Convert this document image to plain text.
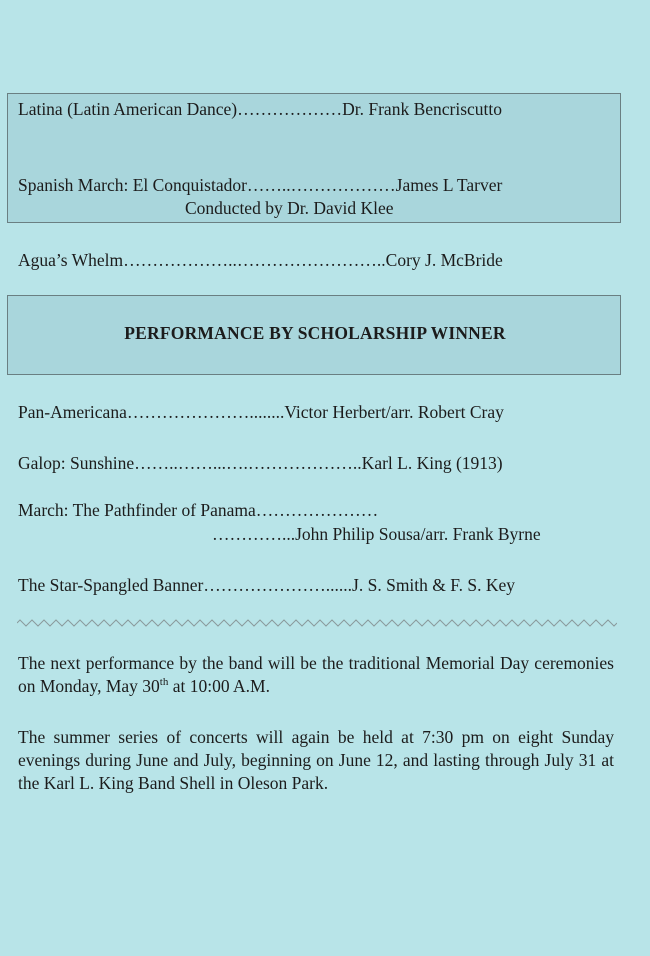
Latina (Latin American Dance)………………Dr. Frank Bencriscutto
Spanish March: El Conquistador……..………………James L Tarver
Conducted by Dr. David Klee
Agua’s Whelm………………..……………………..Cory J. McBride
PERFORMANCE BY SCHOLARSHIP WINNER
Pan-Americana…………………........Victor Herbert/arr. Robert Cray
Galop: Sunshine……..……...….………………..Karl L. King (1913)
March: The Pathfinder of Panama…………………
…………...John Philip Sousa/arr. Frank Byrne
The Star-Spangled Banner…………………......J. S. Smith & F. S. Key
The next performance by the band will be the traditional Memorial Day ceremonies on Monday, May 30th at 10:00 A.M.
The summer series of concerts will again be held at 7:30 pm on eight Sunday evenings during June and July, beginning on June 12, and lasting through July 31 at the Karl L. King Band Shell in Oleson Park.
